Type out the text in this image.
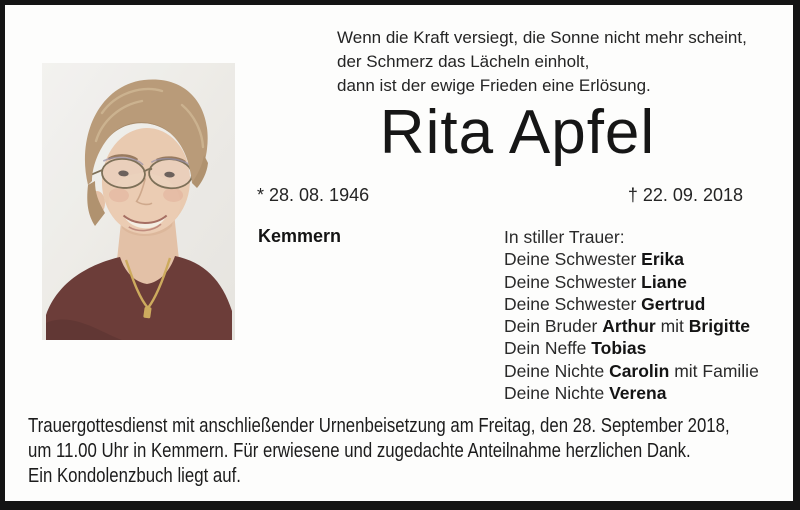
Wenn die Kraft versiegt, die Sonne nicht mehr scheint,
der Schmerz das Lächeln einholt,
dann ist der ewige Frieden eine Erlösung.
Rita Apfel
* 28. 08. 1946	† 22. 09. 2018
Kemmern	In stiller Trauer:
Deine Schwester Erika
Deine Schwester Liane
Deine Schwester Gertrud
Dein Bruder Arthur mit Brigitte
Dein Neffe Tobias
Deine Nichte Carolin mit Familie
Deine Nichte Verena
Trauergottesdienst mit anschließender Urnenbeisetzung am Freitag, den 28. September 2018,
um 11.00 Uhr in Kemmern. Für erwiesene und zugedachte Anteilnahme herzlichen Dank.
Ein Kondolenzbuch liegt auf.
